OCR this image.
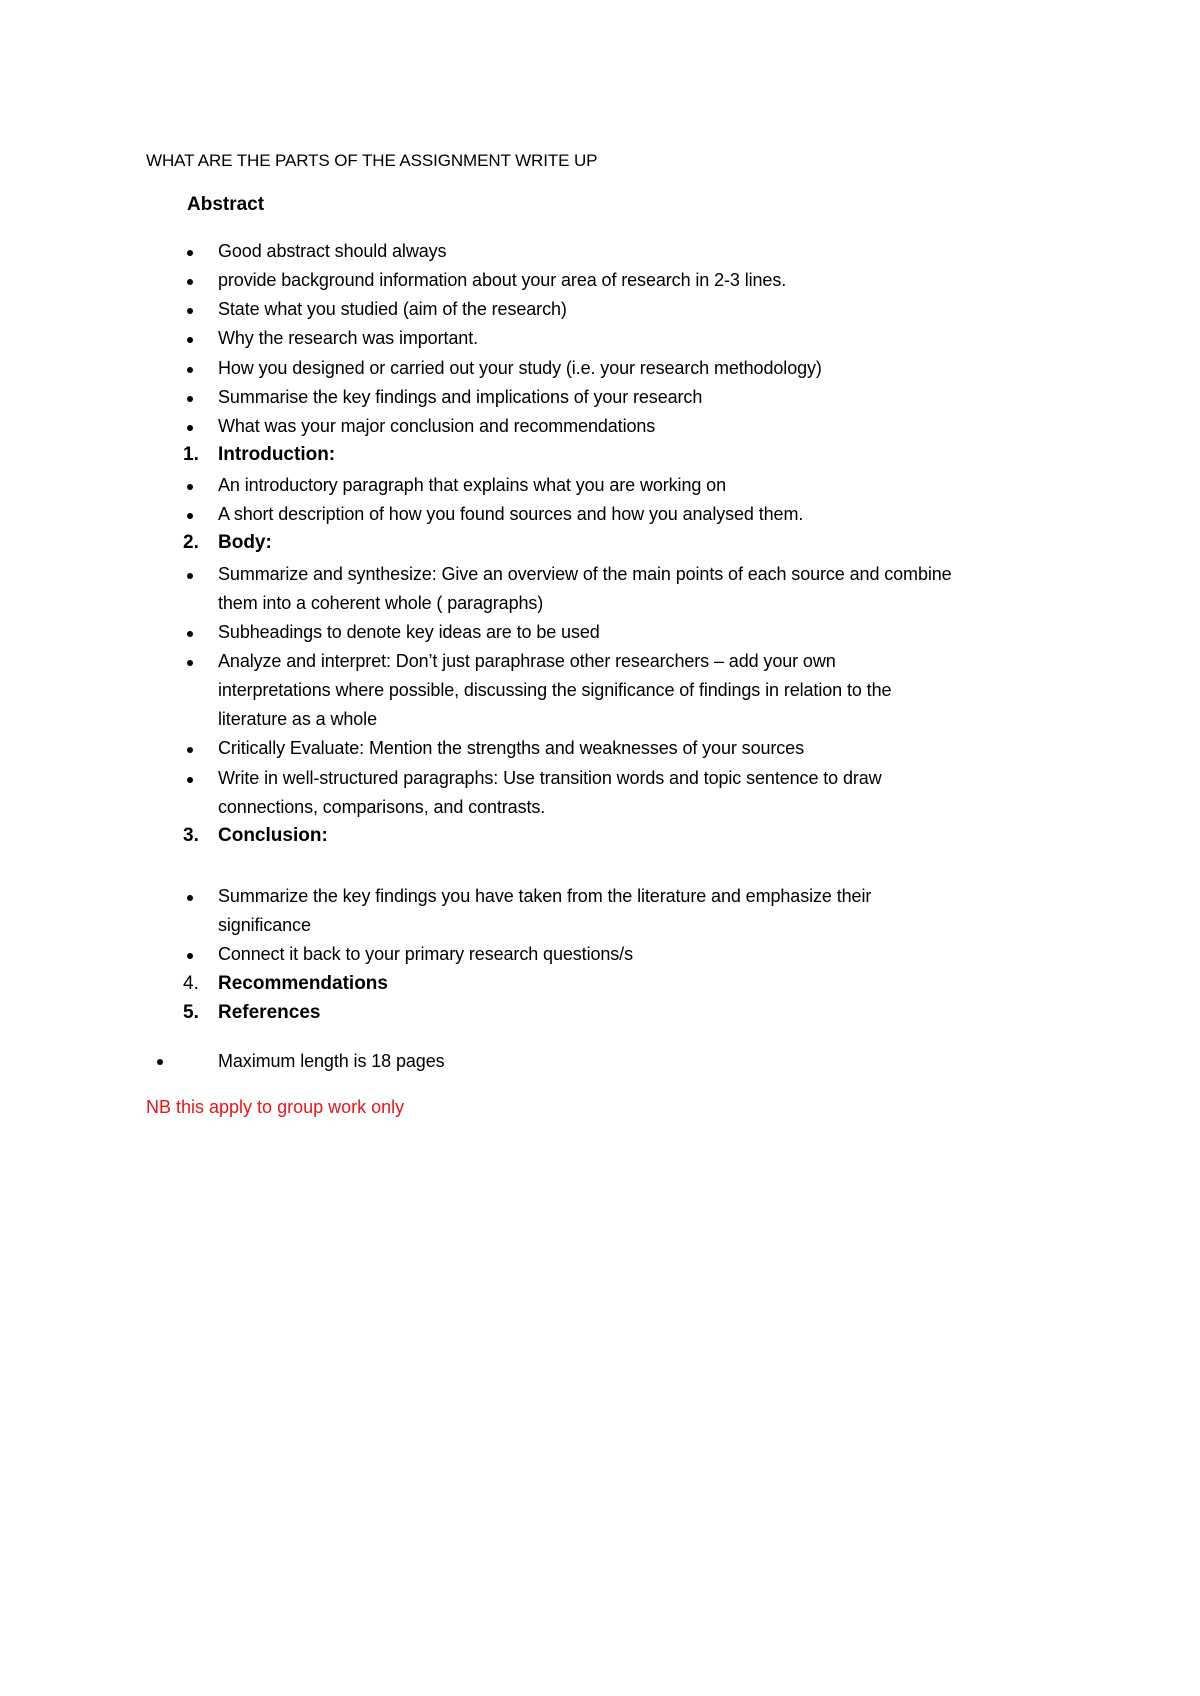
WHAT ARE THE PARTS OF THE ASSIGNMENT WRITE UP
Abstract
Good abstract should always
provide background information about your area of research in 2-3 lines.
State what you studied (aim of the research)
Why the research was important.
How you designed or carried out your study (i.e. your research methodology)
Summarise the key findings and implications of your research
What was your major conclusion and recommendations
1. Introduction:
An introductory paragraph that explains what you are working on
A short description of how you found sources and how you analysed them.
2. Body:
Summarize and synthesize: Give an overview of the main points of each source and combine
them into a coherent whole ( paragraphs)
Subheadings to denote key ideas are to be used
Analyze and interpret: Don’t just paraphrase other researchers – add your own
interpretations where possible, discussing the significance of findings in relation to the
literature as a whole
Critically Evaluate: Mention the strengths and weaknesses of your sources
Write in well-structured paragraphs: Use transition words and topic sentence to draw
connections, comparisons, and contrasts.
3. Conclusion:
Summarize the key findings you have taken from the literature and emphasize their
significance
Connect it back to your primary research questions/s
4. Recommendations
5. References
Maximum length is 18 pages
NB this apply to group work only
